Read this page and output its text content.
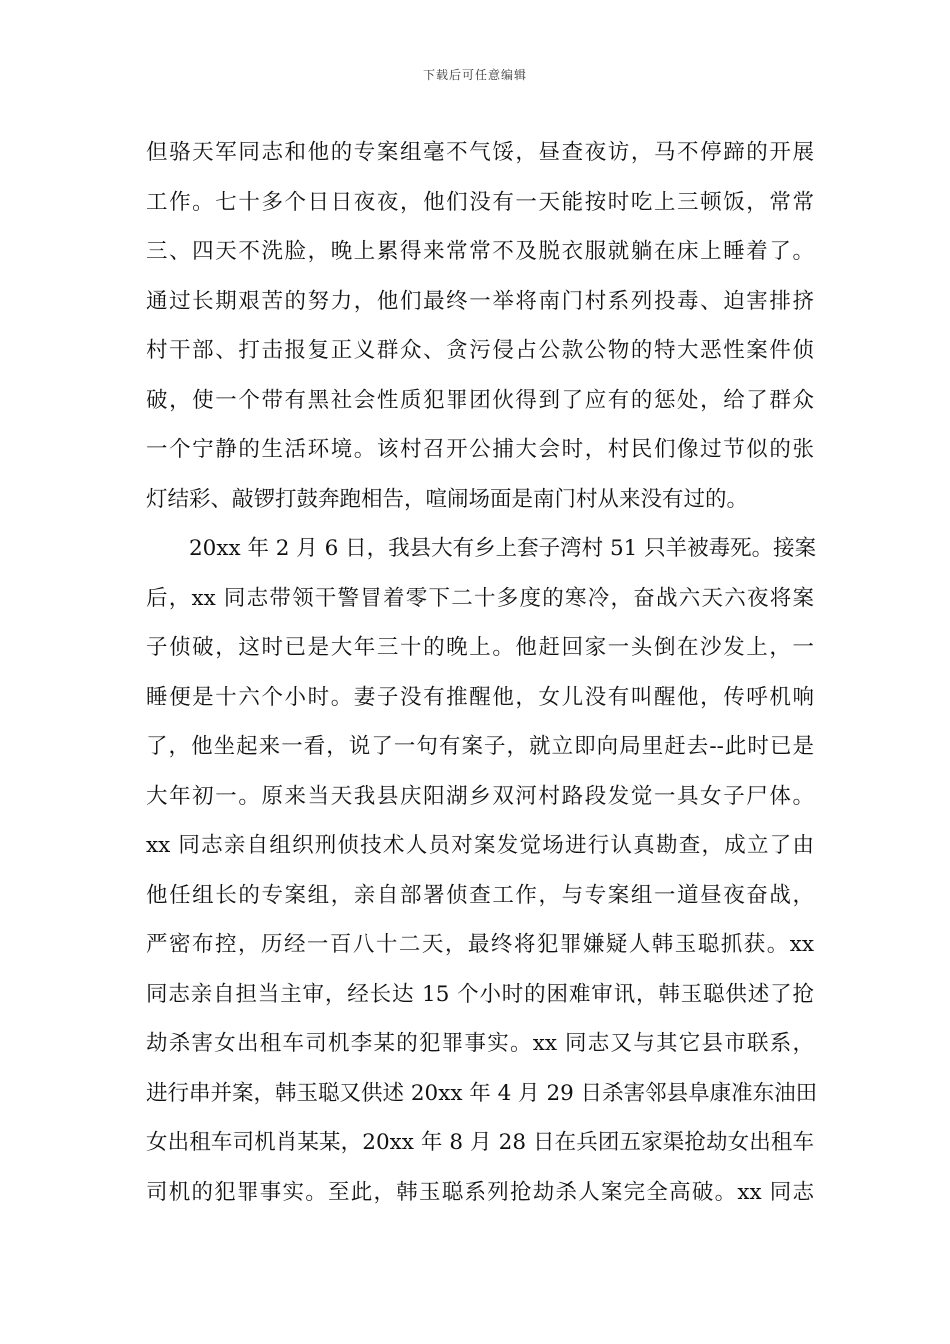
下载后可任意编辑
但骆天军同志和他的专案组毫不气馁，昼查夜访，马不停蹄的开展
工作。七十多个日日夜夜，他们没有一天能按时吃上三顿饭，常常
三、四天不洗脸，晚上累得来常常不及脱衣服就躺在床上睡着了。
通过长期艰苦的努力，他们最终一举将南门村系列投毒、迫害排挤
村干部、打击报复正义群众、贪污侵占公款公物的特大恶性案件侦
破，使一个带有黑社会性质犯罪团伙得到了应有的惩处，给了群众
一个宁静的生活环境。该村召开公捕大会时，村民们像过节似的张
灯结彩、敲锣打鼓奔跑相告，喧闹场面是南门村从来没有过的。
20xx 年 2 月 6 日，我县大有乡上套子湾村 51 只羊被毒死。接案
后，xx 同志带领干警冒着零下二十多度的寒冷，奋战六天六夜将案
子侦破，这时已是大年三十的晚上。他赶回家一头倒在沙发上，一
睡便是十六个小时。妻子没有推醒他，女儿没有叫醒他，传呼机响
了，他坐起来一看，说了一句有案子，就立即向局里赶去--此时已是
大年初一。原来当天我县庆阳湖乡双河村路段发觉一具女子尸体。
xx 同志亲自组织刑侦技术人员对案发觉场进行认真勘查，成立了由
他任组长的专案组，亲自部署侦查工作，与专案组一道昼夜奋战，
严密布控，历经一百八十二天，最终将犯罪嫌疑人韩玉聪抓获。xx
同志亲自担当主审，经长达 15 个小时的困难审讯，韩玉聪供述了抢
劫杀害女出租车司机李某的犯罪事实。xx 同志又与其它县市联系，
进行串并案，韩玉聪又供述 20xx 年 4 月 29 日杀害邻县阜康准东油田
女出租车司机肖某某，20xx 年 8 月 28 日在兵团五家渠抢劫女出租车
司机的犯罪事实。至此，韩玉聪系列抢劫杀人案完全高破。xx 同志
